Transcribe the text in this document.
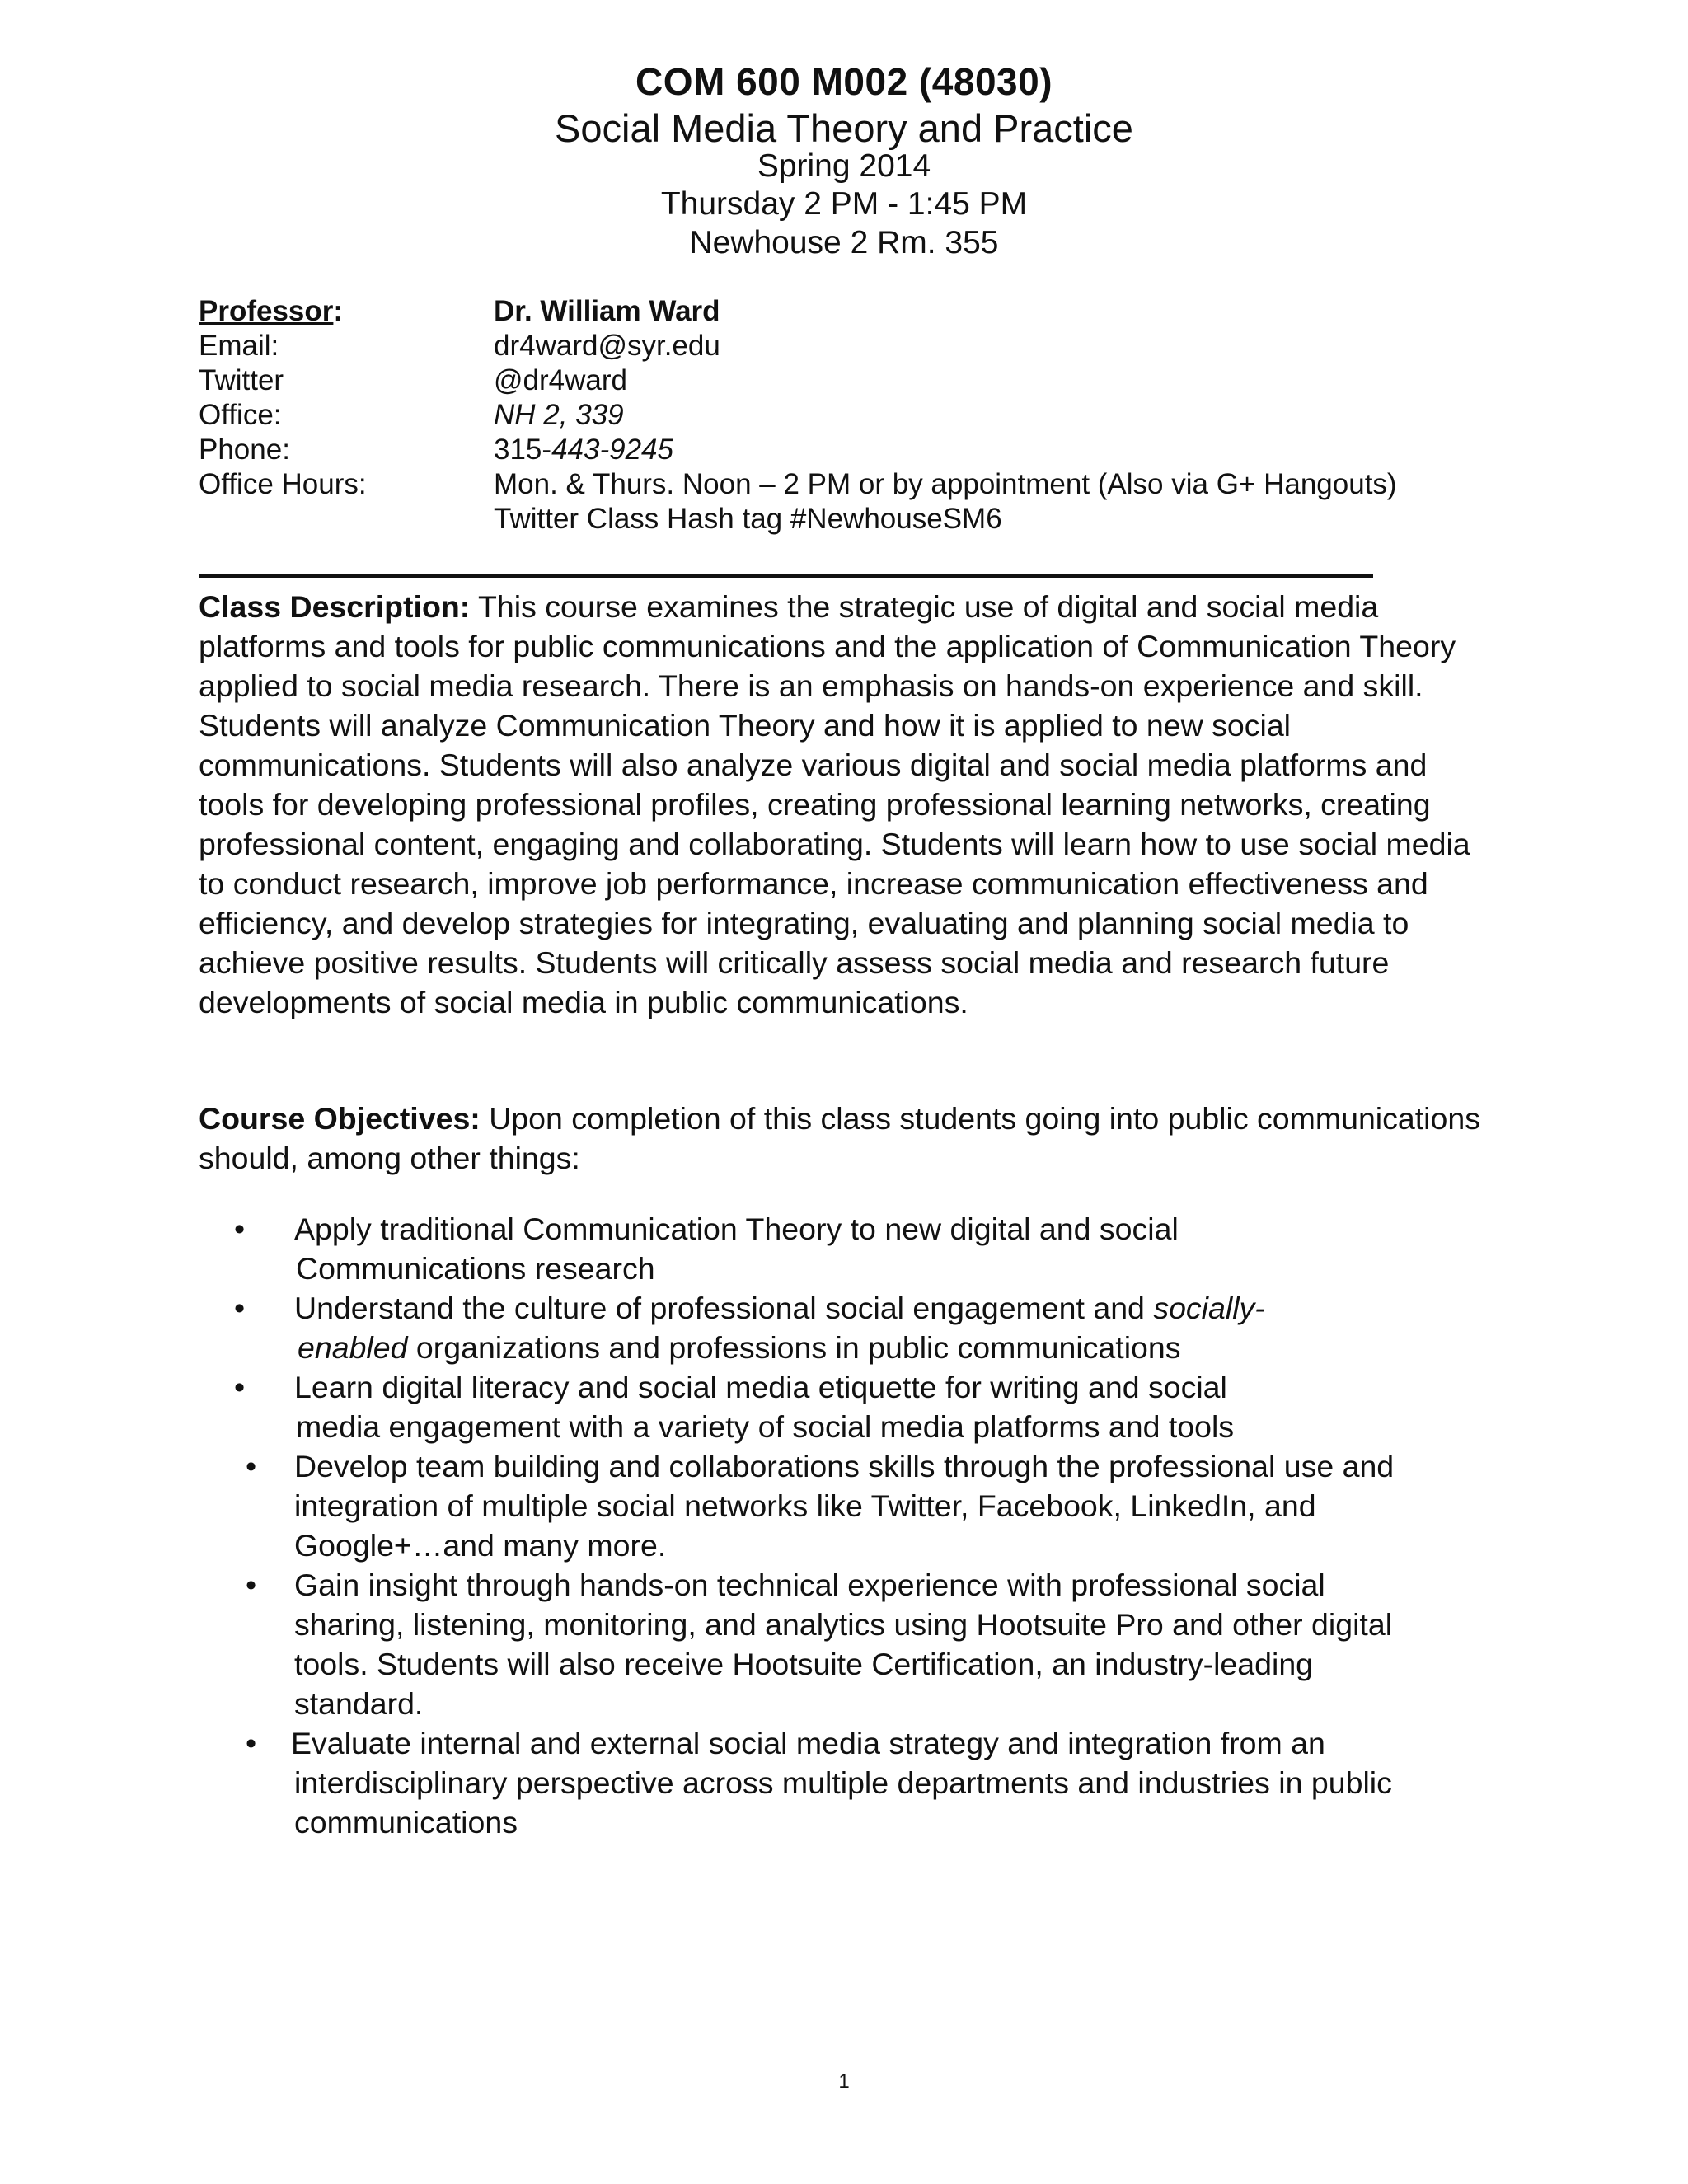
COM 600 M002 (48030)
Social Media Theory and Practice
Spring 2014
Thursday 2 PM - 1:45 PM
Newhouse 2 Rm. 355
Professor:	Dr. William Ward
Email:	dr4ward@syr.edu
Twitter	@dr4ward
Office:	NH 2, 339
Phone:	315-443-9245
Office Hours:	Mon. & Thurs. Noon – 2 PM or by appointment (Also via G+ Hangouts)
Twitter Class Hash tag #NewhouseSM6
Class Description: This course examines the strategic use of digital and social media platforms and tools for public communications and the application of Communication Theory applied to social media research. There is an emphasis on hands-on experience and skill. Students will analyze Communication Theory and how it is applied to new social communications. Students will also analyze various digital and social media platforms and tools for developing professional profiles, creating professional learning networks, creating professional content, engaging and collaborating. Students will learn how to use social media to conduct research, improve job performance, increase communication effectiveness and efficiency, and develop strategies for integrating, evaluating and planning social media to achieve positive results. Students will critically assess social media and research future developments of social media in public communications.
Course Objectives: Upon completion of this class students going into public communications should, among other things:
• Apply traditional Communication Theory to new digital and social
Communications research
• Understand the culture of professional social engagement and socially-
enabled organizations and professions in public communications
• Learn digital literacy and social media etiquette for writing and social
media engagement with a variety of social media platforms and tools
• Develop team building and collaborations skills through the professional use and
integration of multiple social networks like Twitter, Facebook, LinkedIn, and
Google+…and many more.
• Gain insight through hands-on technical experience with professional social
sharing, listening, monitoring, and analytics using Hootsuite Pro and other digital
tools. Students will also receive Hootsuite Certification, an industry-leading
standard.
• Evaluate internal and external social media strategy and integration from an
interdisciplinary perspective across multiple departments and industries in public
communications
1
